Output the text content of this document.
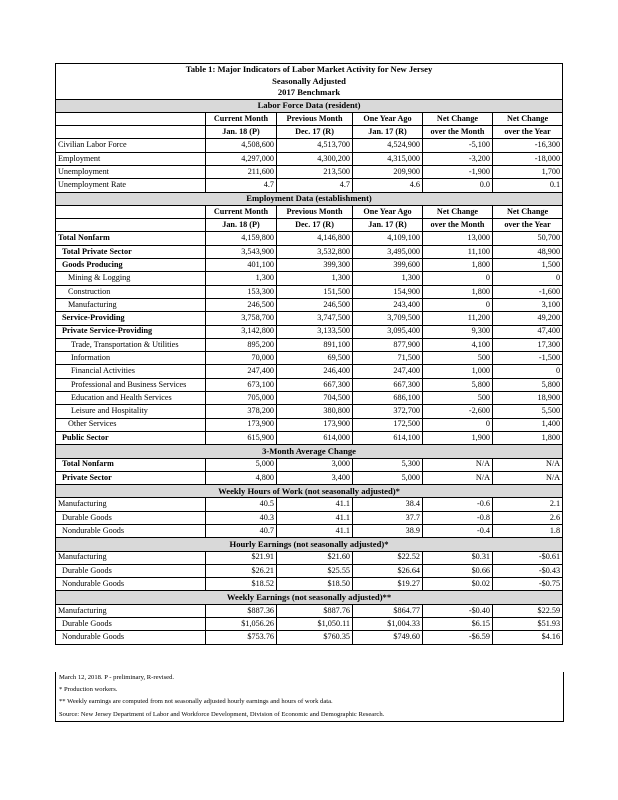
Table 1: Major Indicators of Labor Market Activity for New Jersey					
Seasonally Adjusted					
2017 Benchmark					
Labor Force Data (resident)					
	Current Month	Previous Month	One Year Ago	Net Change	Net Change
	Jan. 18 (P)	Dec. 17 (R)	Jan. 17 (R)	over the Month	over the Year
Civilian Labor Force	4,508,600	4,513,700	4,524,900	-5,100	-16,300
Employment	4,297,000	4,300,200	4,315,000	-3,200	-18,000
Unemployment	211,600	213,500	209,900	-1,900	1,700
Unemployment Rate	4.7	4.7	4.6	0.0	0.1
Employment Data (establishment)					
	Current Month	Previous Month	One Year Ago	Net Change	Net Change
	Jan. 18 (P)	Dec. 17 (R)	Jan. 17 (R)	over the Month	over the Year
Total Nonfarm	4,159,800	4,146,800	4,109,100	13,000	50,700
Total Private Sector	3,543,900	3,532,800	3,495,000	11,100	48,900
Goods Producing	401,100	399,300	399,600	1,800	1,500
Mining & Logging	1,300	1,300	1,300	0	0
Construction	153,300	151,500	154,900	1,800	-1,600
Manufacturing	246,500	246,500	243,400	0	3,100
Service-Providing	3,758,700	3,747,500	3,709,500	11,200	49,200
Private Service-Providing	3,142,800	3,133,500	3,095,400	9,300	47,400
Trade, Transportation & Utilities	895,200	891,100	877,900	4,100	17,300
Information	70,000	69,500	71,500	500	-1,500
Financial Activities	247,400	246,400	247,400	1,000	0
Professional and Business Services	673,100	667,300	667,300	5,800	5,800
Education and Health Services	705,000	704,500	686,100	500	18,900
Leisure and Hospitality	378,200	380,800	372,700	-2,600	5,500
Other Services	173,900	173,900	172,500	0	1,400
Public Sector	615,900	614,000	614,100	1,900	1,800
3-Month Average Change					
Total Nonfarm	5,000	3,000	5,300	N/A	N/A
Private Sector	4,800	3,400	5,000	N/A	N/A
Weekly Hours of Work (not seasonally adjusted)*					
Manufacturing	40.5	41.1	38.4	-0.6	2.1
Durable Goods	40.3	41.1	37.7	-0.8	2.6
Nondurable Goods	40.7	41.1	38.9	-0.4	1.8
Hourly Earnings (not seasonally adjusted)*					
Manufacturing	$21.91	$21.60	$22.52	$0.31	-$0.61
Durable Goods	$26.21	$25.55	$26.64	$0.66	-$0.43
Nondurable Goods	$18.52	$18.50	$19.27	$0.02	-$0.75
Weekly Earnings (not seasonally adjusted)**					
Manufacturing	$887.36	$887.76	$864.77	-$0.40	$22.59
Durable Goods	$1,056.26	$1,050.11	$1,004.33	$6.15	$51.93
Nondurable Goods	$753.76	$760.35	$749.60	-$6.59	$4.16
March 12, 2018. P - preliminary, R-revised.
* Production workers.
** Weekly earnings are computed from not seasonally adjusted hourly earnings and hours of work data.
Source: New Jersey Department of Labor and Workforce Development, Division of Economic and Demographic Research.
